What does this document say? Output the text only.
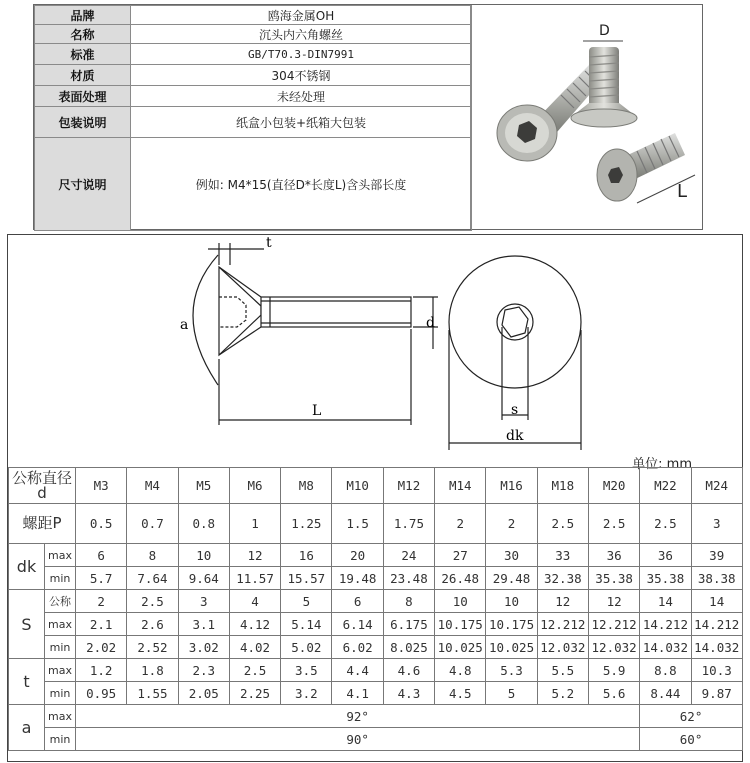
品牌	鸥海金属OH
名称	沉头内六角螺丝
标准	GB/T70.3-DIN7991
材质	304不锈钢
表面处理	未经处理
包装说明	纸盒小包装+纸箱大包装
尺寸说明	例如: M4*15(直径D*长度L)含头部长度
D
L
t
a	d
L	s
dk
单位: mm
公称直径d		M3	M4	M5	M6	M8	M10	M12	M14	M16	M18	M20	M22	M24
螺距P		0.5	0.7	0.8	1	1.25	1.5	1.75	2	2	2.5	2.5	2.5	3
dk	max	6	8	10	12	16	20	24	27	30	33	36	36	39
	min	5.7	7.64	9.64	11.57	15.57	19.48	23.48	26.48	29.48	32.38	35.38	35.38	38.38
S	公称	2	2.5	3	4	5	6	8	10	10	12	12	14	14
	max	2.1	2.6	3.1	4.12	5.14	6.14	6.175	10.175	10.175	12.212	12.212	14.212	14.212
	min	2.02	2.52	3.02	4.02	5.02	6.02	8.025	10.025	10.025	12.032	12.032	14.032	14.032
t	max	1.2	1.8	2.3	2.5	3.5	4.4	4.6	4.8	5.3	5.5	5.9	8.8	10.3
	min	0.95	1.55	2.05	2.25	3.2	4.1	4.3	4.5	5	5.2	5.6	8.44	9.87
a	max	92°											62°	
	min	90°											60°	
